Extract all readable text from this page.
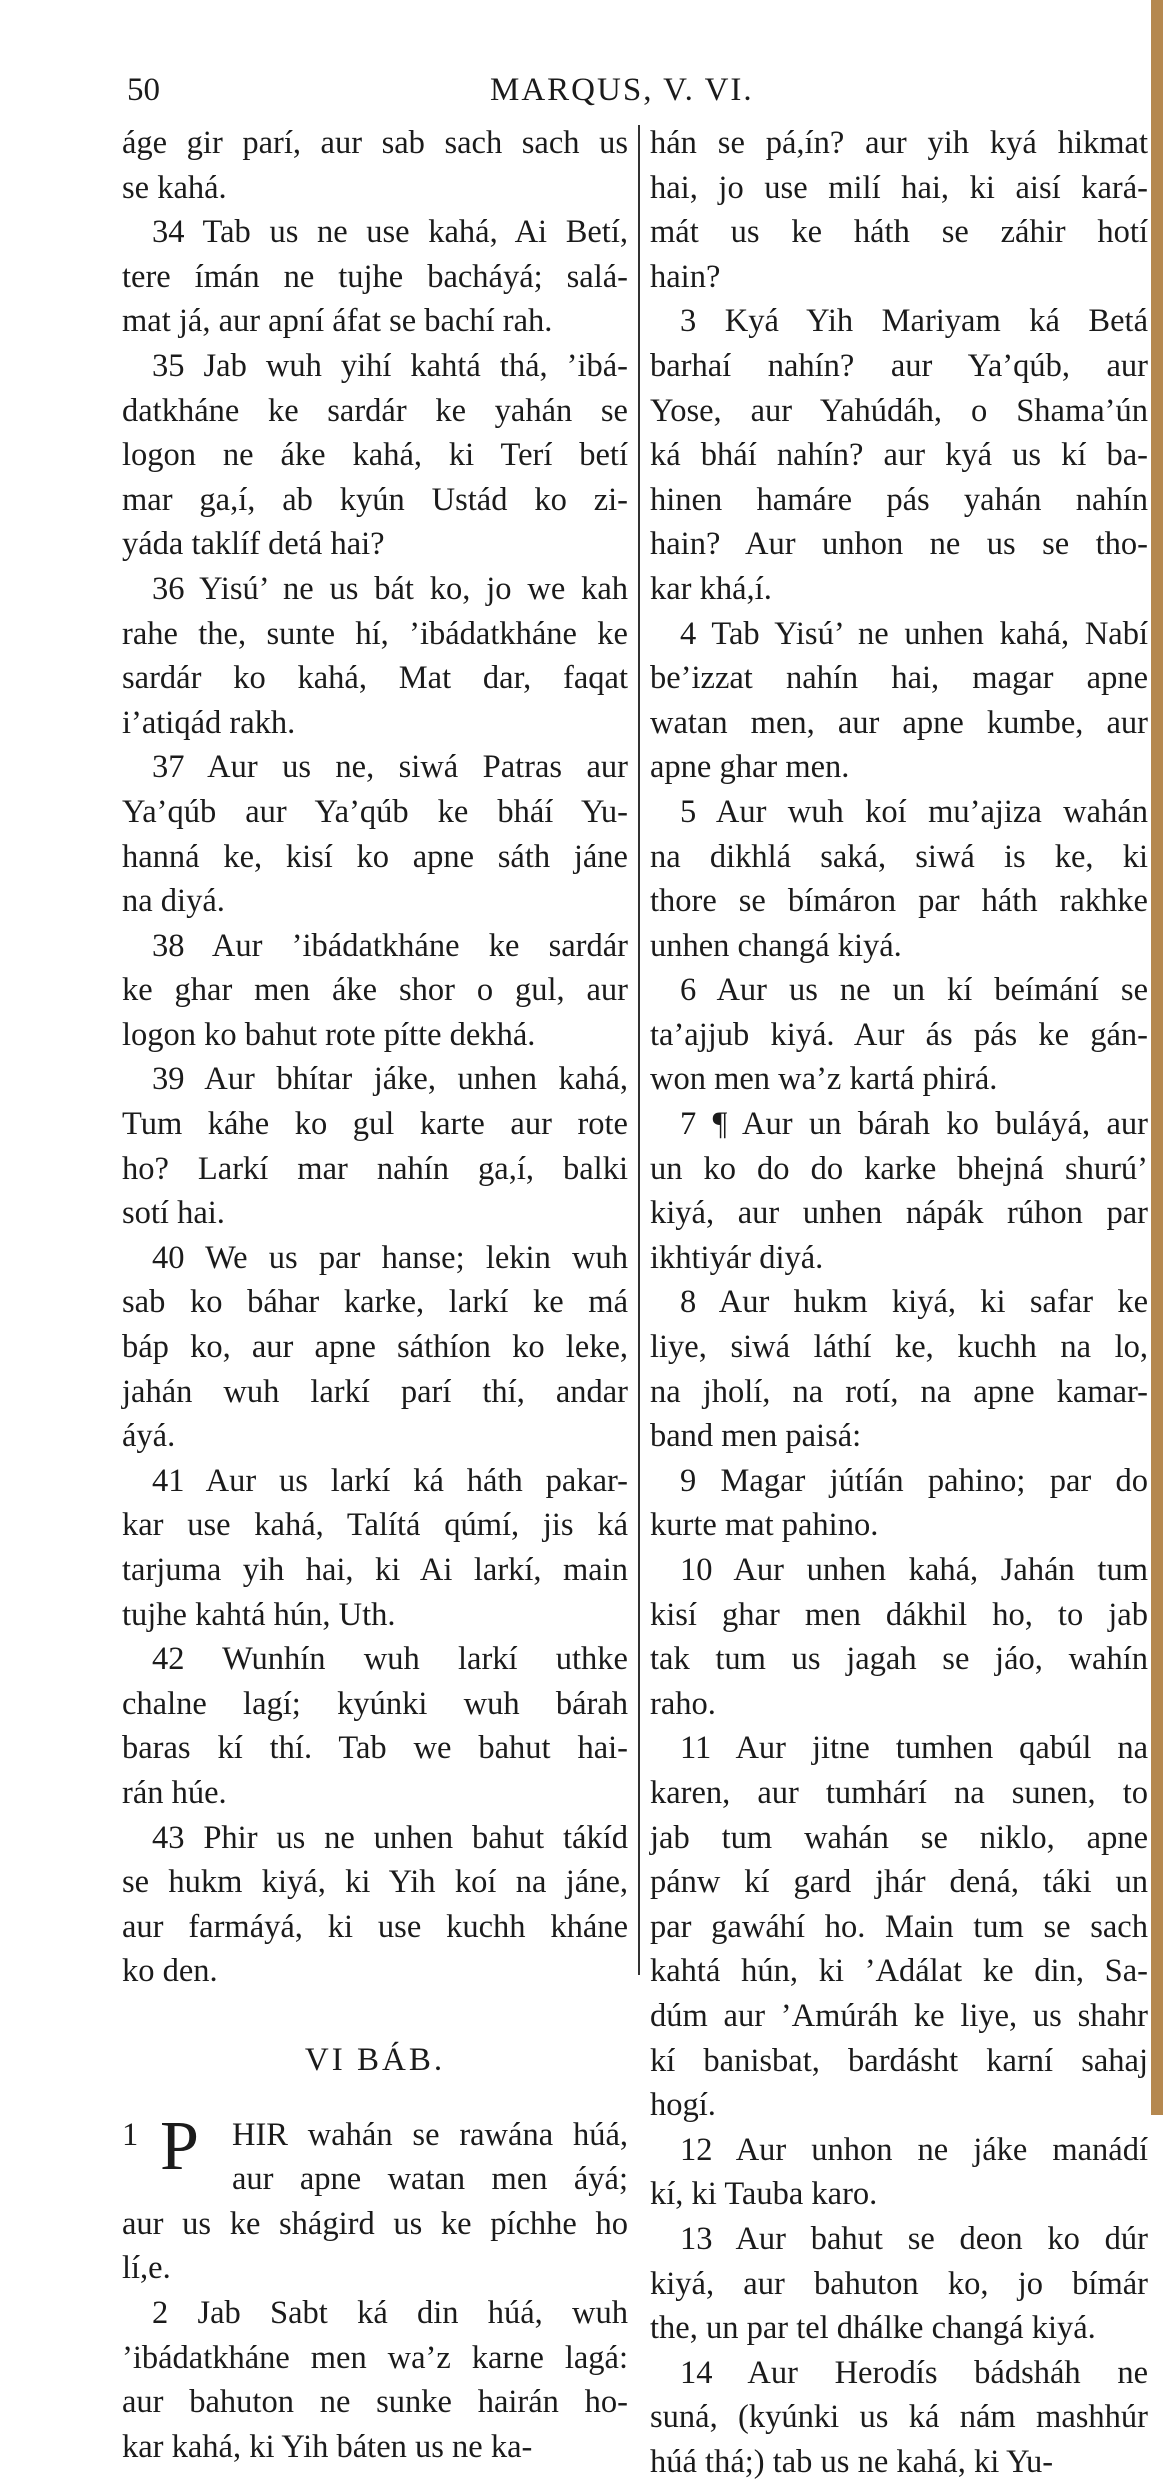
50	MARQUS, V. VI.
áge gir parí, aur sab sach sach us
se kahá.
34 Tab us ne use kahá, Ai Betí,
tere ímán ne tujhe bacháyá; salá-
mat já, aur apní áfat se bachí rah.
35 Jab wuh yihí kahtá thá, ’ibá-
datkháne ke sardár ke yahán se
logon ne áke kahá, ki Terí betí
mar ga,í, ab kyún Ustád ko zi-
yáda taklíf detá hai?
36 Yisú’ ne us bát ko, jo we kah
rahe the, sunte hí, ’ibádatkháne ke
sardár ko kahá, Mat dar, faqat
i’atiqád rakh.
37 Aur us ne, siwá Patras aur
Ya’qúb aur Ya’qúb ke bháí Yu-
hanná ke, kisí ko apne sáth jáne
na diyá.
38 Aur ’ibádatkháne ke sardár
ke ghar men áke shor o gul, aur
logon ko bahut rote pítte dekhá.
39 Aur bhítar jáke, unhen kahá,
Tum káhe ko gul karte aur rote
ho? Larkí mar nahín ga,í, balki
sotí hai.
40 We us par hanse; lekin wuh
sab ko báhar karke, larkí ke má
báp ko, aur apne sáthíon ko leke,
jahán wuh larkí parí thí, andar
áyá.
41 Aur us larkí ká háth pakar-
kar use kahá, Talítá qúmí, jis ká
tarjuma yih hai, ki Ai larkí, main
tujhe kahtá hún, Uth.
42 Wunhín wuh larkí uthke
chalne lagí; kyúnki wuh bárah
baras kí thí. Tab we bahut hai-
rán húe.
43 Phir us ne unhen bahut tákíd
se hukm kiyá, ki Yih koí na jáne,
aur farmáyá, ki use kuchh kháne
ko den.
VI BÁB.
1 P	HIR wahán se rawána húá,
aur apne watan men áyá;
aur us ke shágird us ke píchhe ho
lí,e.
2 Jab Sabt ká din húá, wuh
’ibádatkháne men wa’z karne lagá:
aur bahuton ne sunke hairán ho-
kar kahá, ki Yih báten us ne ka-
hán se pá,ín? aur yih kyá hikmat
hai, jo use milí hai, ki aisí kará-
mát us ke háth se záhir hotí
hain?
3 Kyá Yih Mariyam ká Betá
barhaí nahín? aur Ya’qúb, aur
Yose, aur Yahúdáh, o Shama’ún
ká bháí nahín? aur kyá us kí ba-
hinen hamáre pás yahán nahín
hain? Aur unhon ne us se tho-
kar khá,í.
4 Tab Yisú’ ne unhen kahá, Nabí
be’izzat nahín hai, magar apne
watan men, aur apne kumbe, aur
apne ghar men.
5 Aur wuh koí mu’ajiza wahán
na dikhlá saká, siwá is ke, ki
thore se bímáron par háth rakhke
unhen changá kiyá.
6 Aur us ne un kí beímání se
ta’ajjub kiyá. Aur ás pás ke gán-
won men wa’z kartá phirá.
7 ¶ Aur un bárah ko buláyá, aur
un ko do do karke bhejná shurú’
kiyá, aur unhen nápák rúhon par
ikhtiyár diyá.
8 Aur hukm kiyá, ki safar ke
liye, siwá láthí ke, kuchh na lo,
na jholí, na rotí, na apne kamar-
band men paisá:
9 Magar jútíán pahino; par do
kurte mat pahino.
10 Aur unhen kahá, Jahán tum
kisí ghar men dákhil ho, to jab
tak tum us jagah se jáo, wahín
raho.
11 Aur jitne tumhen qabúl na
karen, aur tumhárí na sunen, to
jab tum wahán se niklo, apne
pánw kí gard jhár dená, táki un
par gawáhí ho. Main tum se sach
kahtá hún, ki ’Adálat ke din, Sa-
dúm aur ’Amúráh ke liye, us shahr
kí banisbat, bardásht karní sahaj
hogí.
12 Aur unhon ne jáke manádí
kí, ki Tauba karo.
13 Aur bahut se deon ko dúr
kiyá, aur bahuton ko, jo bímár
the, un par tel dhálke changá kiyá.
14 Aur Herodís bádsháh ne
suná, (kyúnki us ká nám mashhúr
húá thá;) tab us ne kahá, ki Yu-
